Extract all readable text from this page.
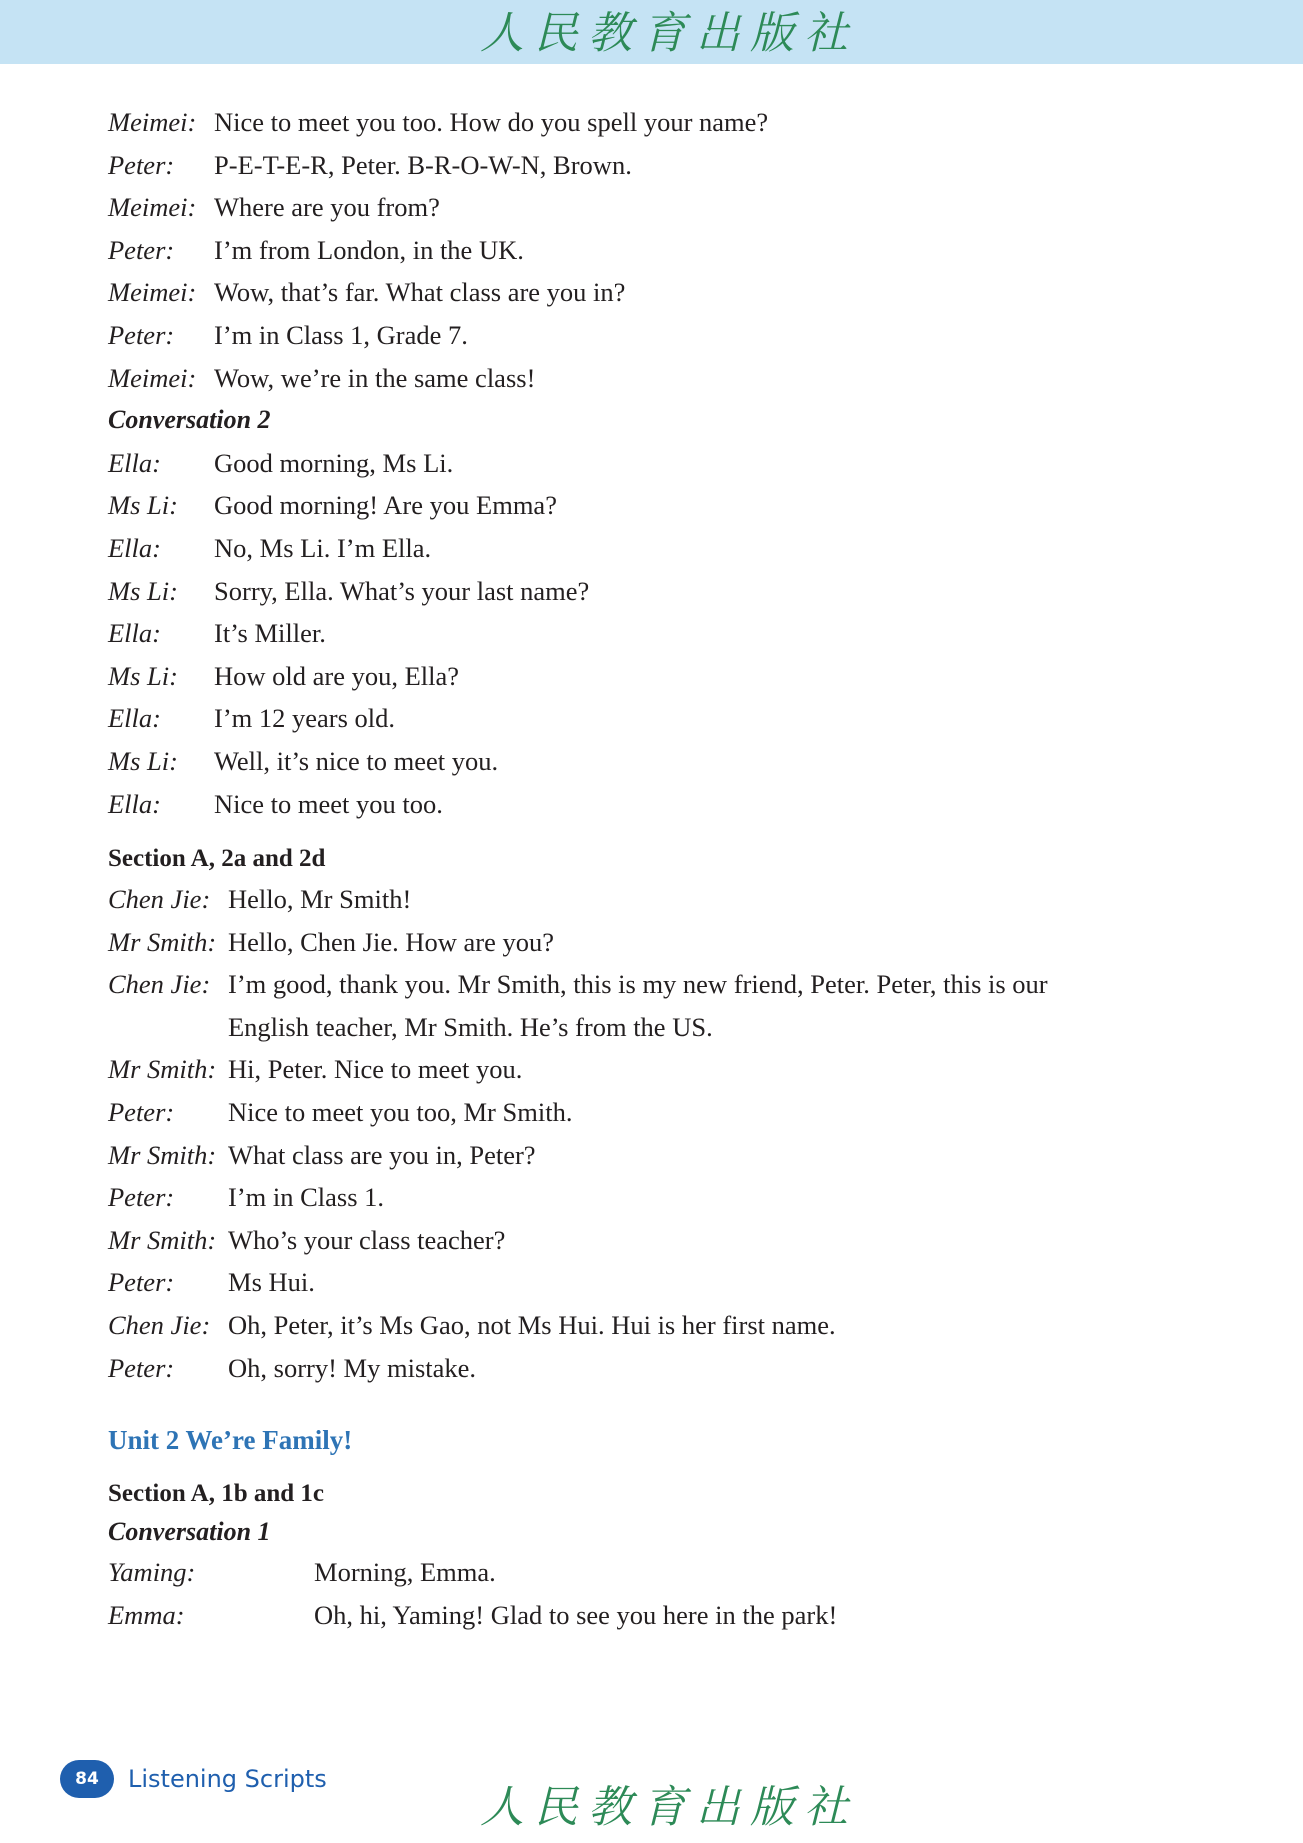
人民教育出版社
Meimei: Nice to meet you too. How do you spell your name?
Peter: P-E-T-E-R, Peter. B-R-O-W-N, Brown.
Meimei: Where are you from?
Peter: I’m from London, in the UK.
Meimei: Wow, that’s far. What class are you in?
Peter: I’m in Class 1, Grade 7.
Meimei: Wow, we’re in the same class!
Conversation 2
Ella: Good morning, Ms Li.
Ms Li: Good morning! Are you Emma?
Ella: No, Ms Li. I’m Ella.
Ms Li: Sorry, Ella. What’s your last name?
Ella: It’s Miller.
Ms Li: How old are you, Ella?
Ella: I’m 12 years old.
Ms Li: Well, it’s nice to meet you.
Ella: Nice to meet you too.
Section A, 2a and 2d
Chen Jie: Hello, Mr Smith!
Mr Smith: Hello, Chen Jie. How are you?
Chen Jie: I’m good, thank you. Mr Smith, this is my new friend, Peter. Peter, this is our
English teacher, Mr Smith. He’s from the US.
Mr Smith: Hi, Peter. Nice to meet you.
Peter: Nice to meet you too, Mr Smith.
Mr Smith: What class are you in, Peter?
Peter: I’m in Class 1.
Mr Smith: Who’s your class teacher?
Peter: Ms Hui.
Chen Jie: Oh, Peter, it’s Ms Gao, not Ms Hui. Hui is her first name.
Peter: Oh, sorry! My mistake.
Unit 2 We’re Family!
Section A, 1b and 1c
Conversation 1
Yaming:	Morning, Emma.
Emma:	Oh, hi, Yaming! Glad to see you here in the park!
84	Listening Scripts
人民教育出版社
